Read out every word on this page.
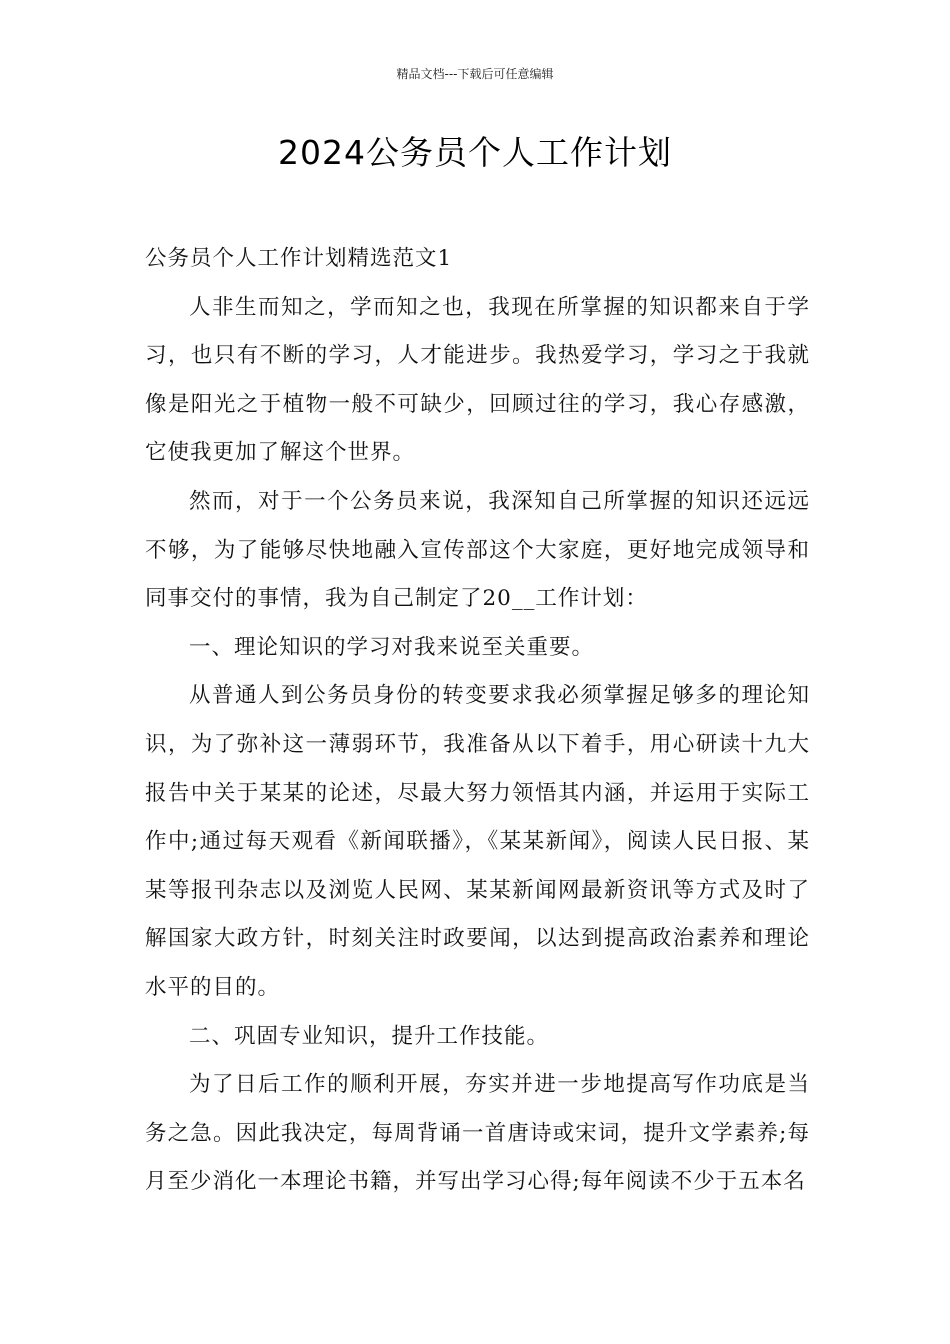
精品文档---下载后可任意编辑
2024公务员个人工作计划

公务员个人工作计划精选范文1

人非生而知之，学而知之也，我现在所掌握的知识都来自于学习，也只有不断的学习，人才能进步。我热爱学习，学习之于我就像是阳光之于植物一般不可缺少，回顾过往的学习，我心存感激，它使我更加了解这个世界。

然而，对于一个公务员来说，我深知自己所掌握的知识还远远不够，为了能够尽快地融入宣传部这个大家庭，更好地完成领导和同事交付的事情，我为自己制定了20__工作计划：

一、理论知识的学习对我来说至关重要。

从普通人到公务员身份的转变要求我必须掌握足够多的理论知识，为了弥补这一薄弱环节，我准备从以下着手，用心研读十九大报告中关于某某的论述，尽最大努力领悟其内涵，并运用于实际工作中;通过每天观看《新闻联播》，《某某新闻》，阅读人民日报、某某等报刊杂志以及浏览人民网、某某新闻网最新资讯等方式及时了解国家大政方针，时刻关注时政要闻，以达到提高政治素养和理论水平的目的。

二、巩固专业知识，提升工作技能。

为了日后工作的顺利开展，夯实并进一步地提高写作功底是当务之急。因此我决定，每周背诵一首唐诗或宋词，提升文学素养;每月至少消化一本理论书籍，并写出学习心得;每年阅读不少于五本名
